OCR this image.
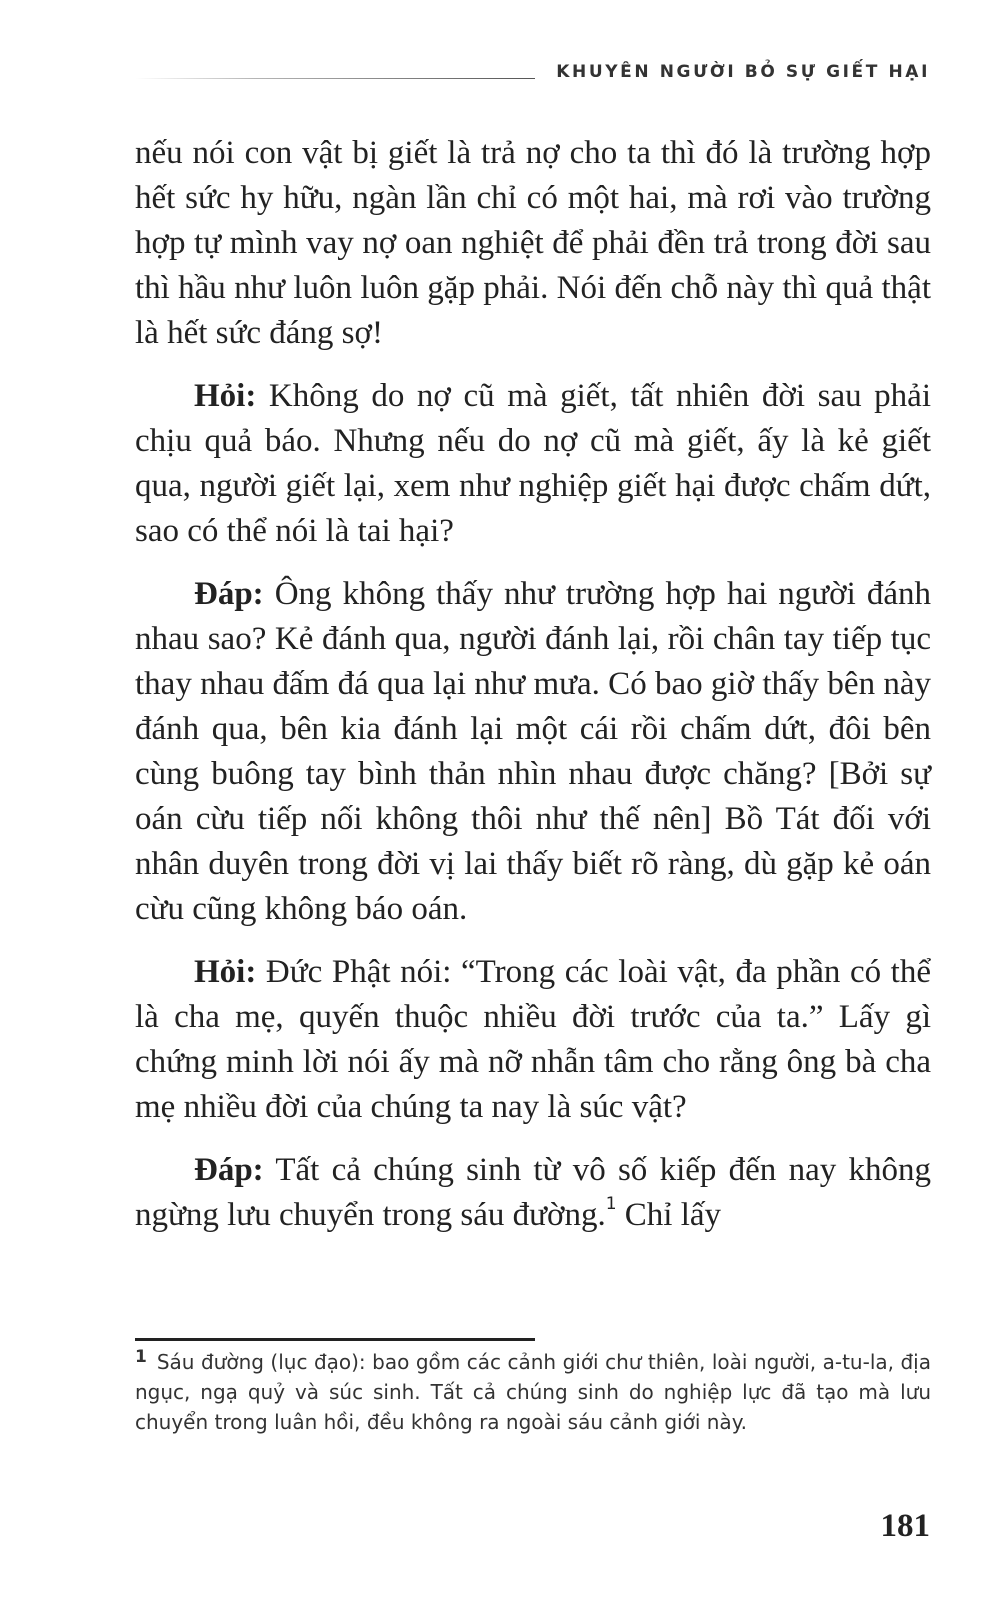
KHUYÊN NGƯỜI BỎ SỰ GIẾT HẠI

nếu nói con vật bị giết là trả nợ cho ta thì đó là trường hợp hết sức hy hữu, ngàn lần chỉ có một hai, mà rơi vào trường hợp tự mình vay nợ oan nghiệt để phải đền trả trong đời sau thì hầu như luôn luôn gặp phải. Nói đến chỗ này thì quả thật là hết sức đáng sợ!

Hỏi: Không do nợ cũ mà giết, tất nhiên đời sau phải chịu quả báo. Nhưng nếu do nợ cũ mà giết, ấy là kẻ giết qua, người giết lại, xem như nghiệp giết hại được chấm dứt, sao có thể nói là tai hại?

Đáp: Ông không thấy như trường hợp hai người đánh nhau sao? Kẻ đánh qua, người đánh lại, rồi chân tay tiếp tục thay nhau đấm đá qua lại như mưa. Có bao giờ thấy bên này đánh qua, bên kia đánh lại một cái rồi chấm dứt, đôi bên cùng buông tay bình thản nhìn nhau được chăng? [Bởi sự oán cừu tiếp nối không thôi như thế nên] Bồ Tát đối với nhân duyên trong đời vị lai thấy biết rõ ràng, dù gặp kẻ oán cừu cũng không báo oán.

Hỏi: Đức Phật nói: “Trong các loài vật, đa phần có thể là cha mẹ, quyến thuộc nhiều đời trước của ta.” Lấy gì chứng minh lời nói ấy mà nỡ nhẫn tâm cho rằng ông bà cha mẹ nhiều đời của chúng ta nay là súc vật?

Đáp: Tất cả chúng sinh từ vô số kiếp đến nay không ngừng lưu chuyển trong sáu đường.$^1$ Chỉ lấy

$^1$ Sáu đường (lục đạo): bao gồm các cảnh giới chư thiên, loài người, a-tu-la, địa ngục, ngạ quỷ và súc sinh. Tất cả chúng sinh do nghiệp lực đã tạo mà lưu chuyển trong luân hồi, đều không ra ngoài sáu cảnh giới này.
181
